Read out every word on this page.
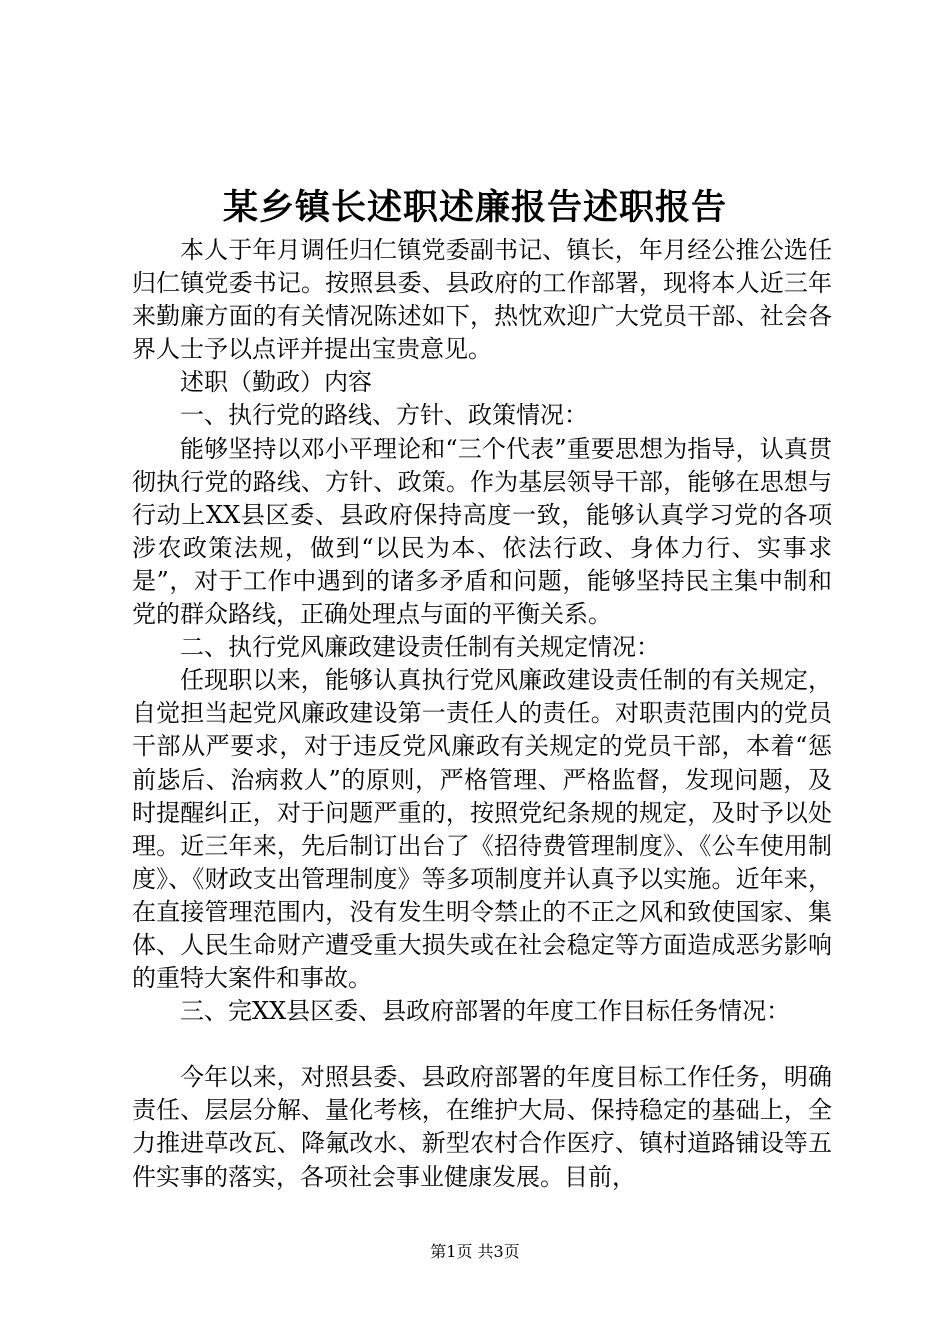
某乡镇长述职述廉报告述职报告

本人于年月调任归仁镇党委副书记、镇长，年月经公推公选任归仁镇党委书记。按照县委、县政府的工作部署，现将本人近三年来勤廉方面的有关情况陈述如下，热忱欢迎广大党员干部、社会各界人士予以点评并提出宝贵意见。

述职（勤政）内容

一、执行党的路线、方针、政策情况：

能够坚持以邓小平理论和“三个代表”重要思想为指导，认真贯彻执行党的路线、方针、政策。作为基层领导干部，能够在思想与行动上XX县区委、县政府保持高度一致，能够认真学习党的各项涉农政策法规，做到“以民为本、依法行政、身体力行、实事求是”，对于工作中遇到的诸多矛盾和问题，能够坚持民主集中制和党的群众路线，正确处理点与面的平衡关系。

二、执行党风廉政建设责任制有关规定情况：

任现职以来，能够认真执行党风廉政建设责任制的有关规定，自觉担当起党风廉政建设第一责任人的责任。对职责范围内的党员干部从严要求，对于违反党风廉政有关规定的党员干部，本着“惩前毖后、治病救人”的原则，严格管理、严格监督，发现问题，及时提醒纠正，对于问题严重的，按照党纪条规的规定，及时予以处理。近三年来，先后制订出台了《招待费管理制度》、《公车使用制度》、《财政支出管理制度》等多项制度并认真予以实施。近年来，在直接管理范围内，没有发生明令禁止的不正之风和致使国家、集体、人民生命财产遭受重大损失或在社会稳定等方面造成恶劣影响的重特大案件和事故。

三、完XX县区委、县政府部署的年度工作目标任务情况：

今年以来，对照县委、县政府部署的年度目标工作任务，明确责任、层层分解、量化考核，在维护大局、保持稳定的基础上，全力推进草改瓦、降氟改水、新型农村合作医疗、镇村道路铺设等五件实事的落实，各项社会事业健康发展。目前，

第1页 共3页
